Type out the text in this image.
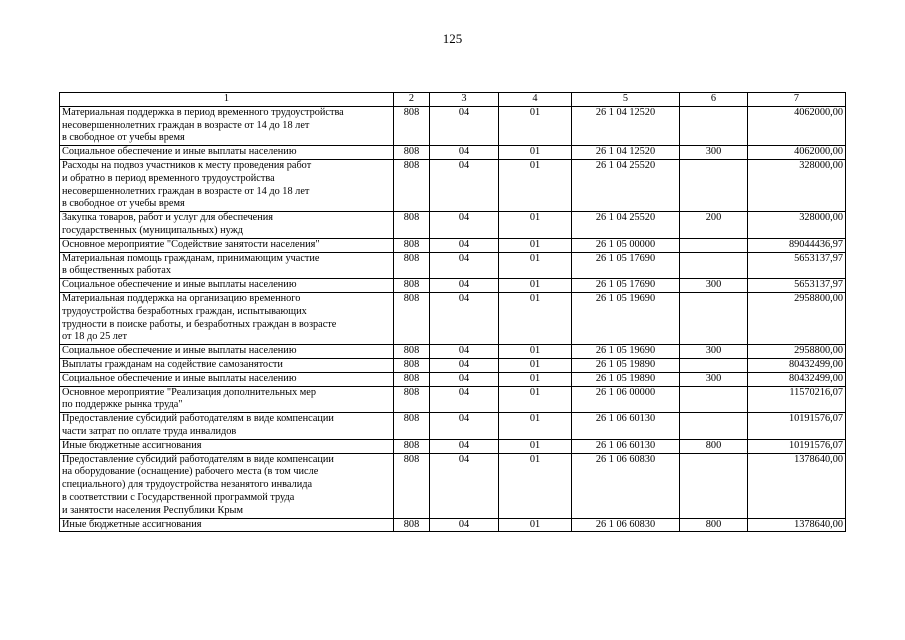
125
1	2	3	4	5	6	7

Материальная поддержка в период временного трудоустройства
несовершеннолетних граждан в возрасте от 14 до 18 лет
в свободное от учебы время	808	04	01	26 1 04 12520		4062000,00

Социальное обеспечение и иные выплаты населению	808	04	01	26 1 04 12520	300	4062000,00

Расходы на подвоз участников к месту проведения работ
и обратно в период временного трудоустройства
несовершеннолетних граждан в возрасте от 14 до 18 лет
в свободное от учебы время	808	04	01	26 1 04 25520		328000,00

Закупка товаров, работ и услуг для обеспечения
государственных (муниципальных) нужд	808	04	01	26 1 04 25520	200	328000,00

Основное мероприятие "Содействие занятости населения"	808	04	01	26 1 05 00000		89044436,97

Материальная помощь гражданам, принимающим участие
в общественных работах	808	04	01	26 1 05 17690		5653137,97

Социальное обеспечение и иные выплаты населению	808	04	01	26 1 05 17690	300	5653137,97

Материальная поддержка на организацию временного
трудоустройства безработных граждан, испытывающих
трудности в поиске работы, и безработных граждан в возрасте
от 18 до 25 лет	808	04	01	26 1 05 19690		2958800,00

Социальное обеспечение и иные выплаты населению	808	04	01	26 1 05 19690	300	2958800,00

Выплаты гражданам на содействие самозанятости	808	04	01	26 1 05 19890		80432499,00

Социальное обеспечение и иные выплаты населению	808	04	01	26 1 05 19890	300	80432499,00

Основное мероприятие "Реализация дополнительных мер
по поддержке рынка труда"	808	04	01	26 1 06 00000		11570216,07

Предоставление субсидий работодателям в виде компенсации
части затрат по оплате труда инвалидов	808	04	01	26 1 06 60130		10191576,07

Иные бюджетные ассигнования	808	04	01	26 1 06 60130	800	10191576,07

Предоставление субсидий работодателям в виде компенсации
на оборудование (оснащение) рабочего места (в том числе
специального) для трудоустройства незанятого инвалида
в соответствии с Государственной программой труда
и занятости населения Республики Крым	808	04	01	26 1 06 60830		1378640,00

Иные бюджетные ассигнования	808	04	01	26 1 06 60830	800	1378640,00
